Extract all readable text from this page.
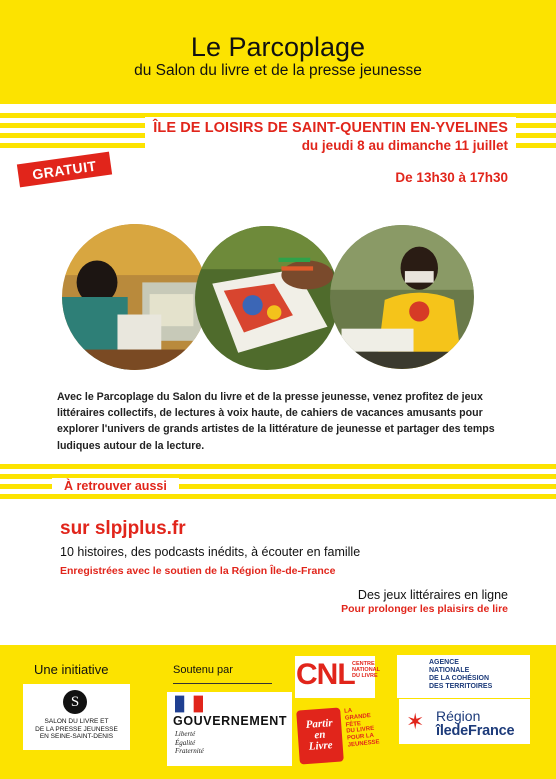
Le Parcoplage
du Salon du livre et de la presse jeunesse
ÎLE DE LOISIRS DE SAINT-QUENTIN EN-YVELINES
du jeudi 8 au dimanche 11 juillet
GRATUIT	De 13h30 à 17h30
Avec le Parcoplage du Salon du livre et de la presse jeunesse, venez profitez de jeux littéraires collectifs, de lectures à voix haute, de cahiers de vacances amusants pour explorer l'univers de grands artistes de la littérature de jeunesse et partager des temps ludiques autour de la lecture.
À retrouver aussi
sur slpjplus.fr
10 histoires, des podcasts inédits, à écouter en famille
Enregistrées avec le soutien de la Région Île-de-France
Des jeux littéraires en ligne
Pour prolonger les plaisirs de lire
Une initiative
S
SALON DU LIVRE ET
DE LA PRESSE JEUNESSE
EN SEINE-SAINT-DENIS
Soutenu par
GOUVERNEMENT
Liberté
Égalité
Fraternité
CNL
CENTRE
NATIONAL
DU LIVRE
Partir
en
Livre
LA
GRANDE
FÊTE
DU LIVRE
POUR LA
JEUNESSE
AGENCE
NATIONALE
DE LA COHÉSION
DES TERRITOIRES
✶ Région
îledeFrance
